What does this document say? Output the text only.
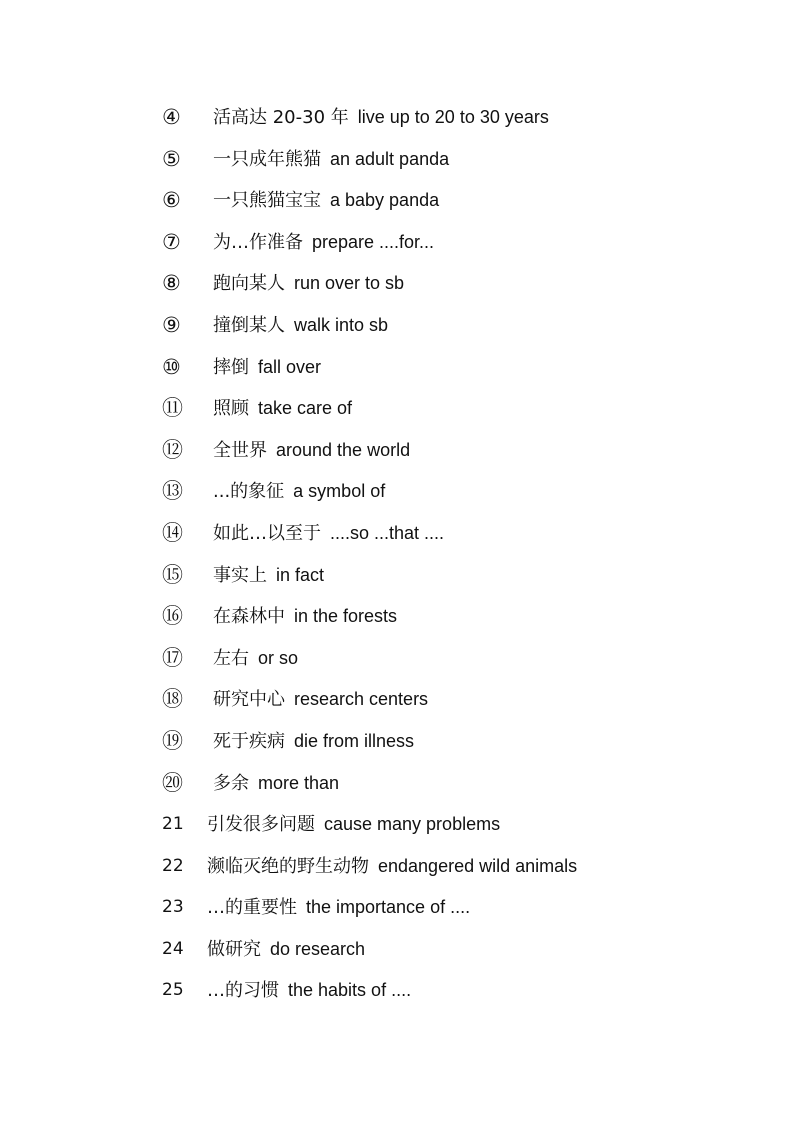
④	活高达 20-30 年  live up to 20 to 30 years
⑤	一只成年熊猫  an adult panda
⑥	一只熊猫宝宝  a baby panda
⑦	为…作准备  prepare ....for...
⑧	跑向某人  run over to sb
⑨	撞倒某人  walk into sb
⑩	摔倒  fall over
⑪	照顾  take care of
⑫	全世界  around the world
⑬	...的象征  a symbol of
⑭	如此…以至于  ....so ...that ....
⑮	事实上  in fact
⑯	在森林中  in the forests
⑰	左右  or so
⑱	研究中心  research centers
⑲	死于疾病  die from illness
⑳	多余  more than
21	引发很多问题  cause many problems
22	濒临灭绝的野生动物  endangered wild animals
23	…的重要性  the importance of ....
24	做研究  do research
25	…的习惯  the habits of ....
